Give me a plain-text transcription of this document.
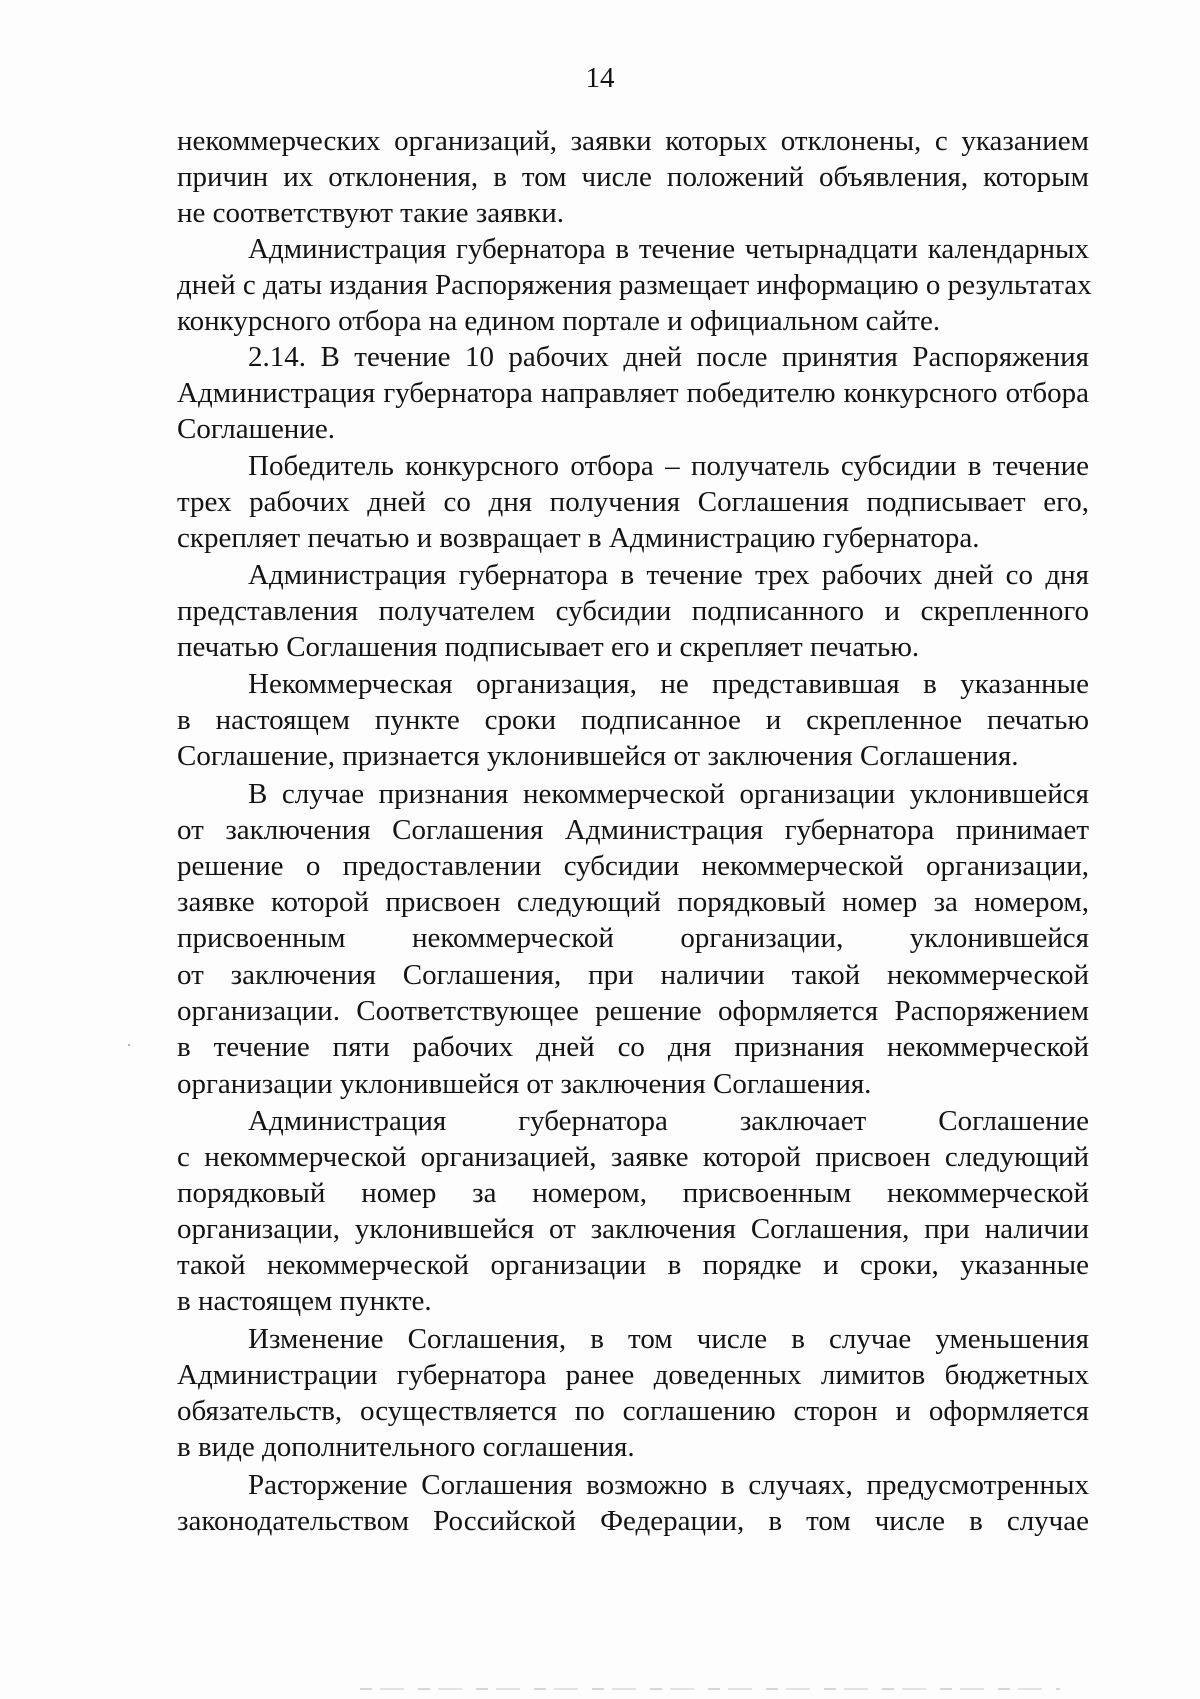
14
некоммерческих организаций, заявки которых отклонены, с указанием
причин их отклонения, в том числе положений объявления, которым
не соответствуют такие заявки.
Администрация губернатора в течение четырнадцати календарных
дней с даты издания Распоряжения размещает информацию о результатах
конкурсного отбора на едином портале и официальном сайте.
2.14. В течение 10 рабочих дней после принятия Распоряжения
Администрация губернатора направляет победителю конкурсного отбора
Соглашение.
Победитель конкурсного отбора – получатель субсидии в течение
трех рабочих дней со дня получения Соглашения подписывает его,
скрепляет печатью и возвращает в Администрацию губернатора.
Администрация губернатора в течение трех рабочих дней со дня
представления получателем субсидии подписанного и скрепленного
печатью Соглашения подписывает его и скрепляет печатью.
Некоммерческая организация, не представившая в указанные
в настоящем пункте сроки подписанное и скрепленное печатью
Соглашение, признается уклонившейся от заключения Соглашения.
В случае признания некоммерческой организации уклонившейся
от заключения Соглашения Администрация губернатора принимает
решение о предоставлении субсидии некоммерческой организации,
заявке которой присвоен следующий порядковый номер за номером,
присвоенным некоммерческой организации, уклонившейся
от заключения Соглашения, при наличии такой некоммерческой
организации. Соответствующее решение оформляется Распоряжением
в течение пяти рабочих дней со дня признания некоммерческой
организации уклонившейся от заключения Соглашения.
Администрация губернатора заключает Соглашение
с некоммерческой организацией, заявке которой присвоен следующий
порядковый номер за номером, присвоенным некоммерческой
организации, уклонившейся от заключения Соглашения, при наличии
такой некоммерческой организации в порядке и сроки, указанные
в настоящем пункте.
Изменение Соглашения, в том числе в случае уменьшения
Администрации губернатора ранее доведенных лимитов бюджетных
обязательств, осуществляется по соглашению сторон и оформляется
в виде дополнительного соглашения.
Расторжение Соглашения возможно в случаях, предусмотренных
законодательством Российской Федерации, в том числе в случае
